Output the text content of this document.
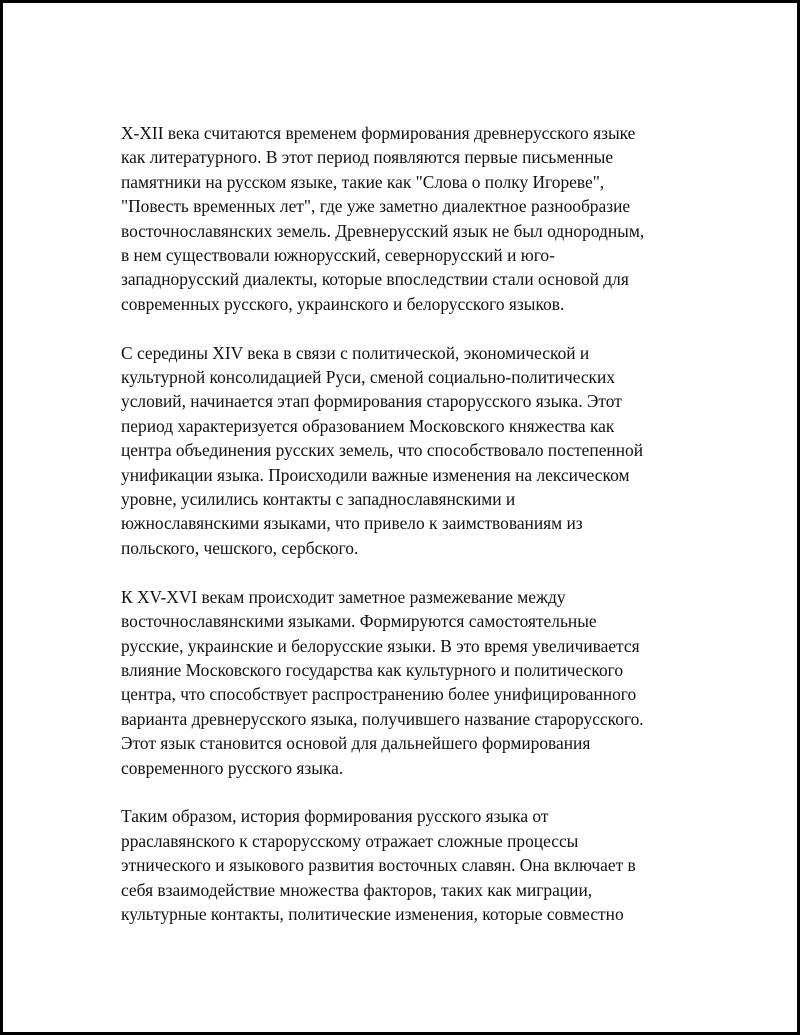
X-XII века считаются временем формирования древнерусского языке
как литературного. В этот период появляются первые письменные
памятники на русском языке, такие как "Слова о полку Игореве",
"Повесть временных лет", где уже заметно диалектное разнообразие
восточнославянских земель. Древнерусский язык не был однородным,
в нем существовали южнорусский, севернорусский и юго-
западнорусский диалекты, которые впоследствии стали основой для
современных русского, украинского и белорусского языков.

С середины XIV века в связи с политической, экономической и
культурной консолидацией Руси, сменой социально-политических
условий, начинается этап формирования старорусского языка. Этот
период характеризуется образованием Московского княжества как
центра объединения русских земель, что способствовало постепенной
унификации языка. Происходили важные изменения на лексическом
уровне, усилились контакты с западнославянскими и
южнославянскими языками, что привело к заимствованиям из
польского, чешского, сербского.

К XV-XVI векам происходит заметное размежевание между
восточнославянскими языками. Формируются самостоятельные
русские, украинские и белорусские языки. В это время увеличивается
влияние Московского государства как культурного и политического
центра, что способствует распространению более унифицированного
варианта древнерусского языка, получившего название старорусского.
Этот язык становится основой для дальнейшего формирования
современного русского языка.

Таким образом, история формирования русского языка от
pраславянского к старорусскому отражает сложные процессы
этнического и языкового развития восточных славян. Она включает в
себя взаимодействие множества факторов, таких как миграции,
культурные контакты, политические изменения, которые совместно
